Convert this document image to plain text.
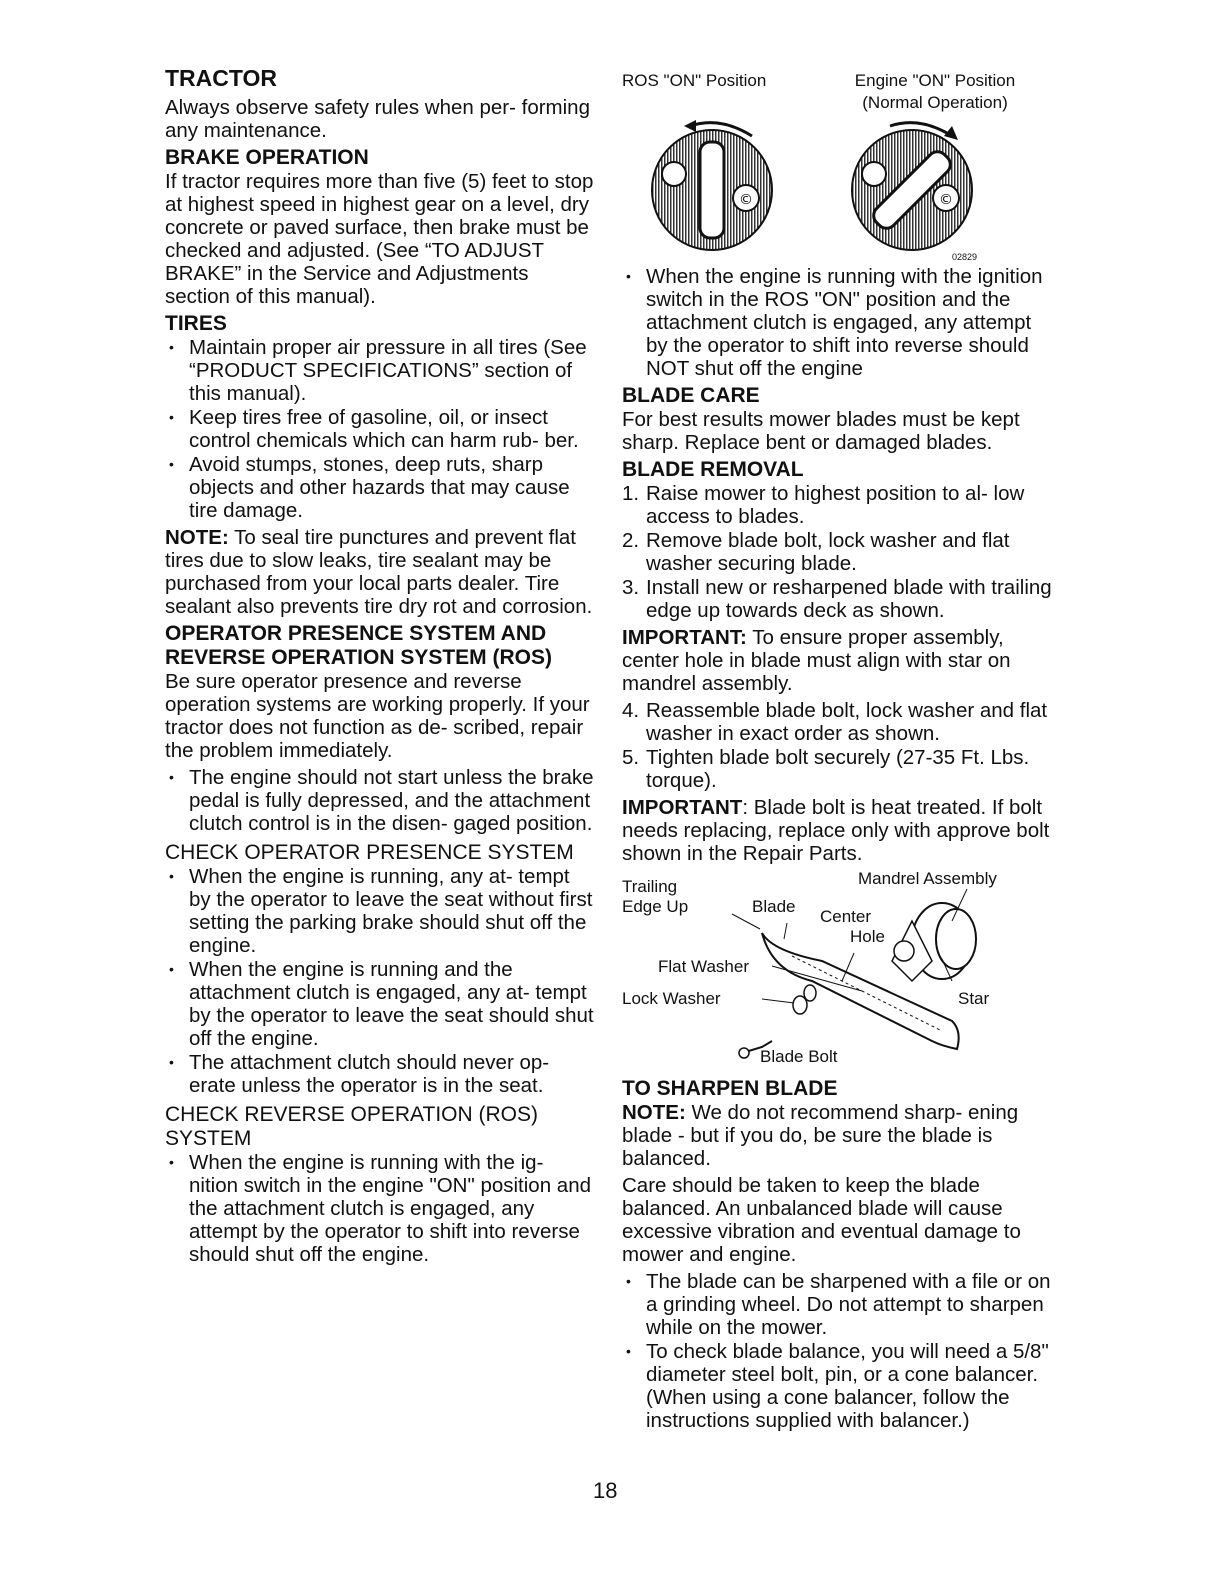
TRACTOR

Always observe safety rules when per- forming any maintenance.

BRAKE OPERATION

If tractor requires more than five (5) feet to stop at highest speed in highest gear on a level, dry concrete or paved surface, then brake must be checked and adjusted. (See “TO ADJUST BRAKE” in the Service and Adjustments section of this manual).

TIRES
• Maintain proper air pressure in all tires (See “PRODUCT SPECIFICATIONS” section of this manual).
• Keep tires free of gasoline, oil, or insect control chemicals which can harm rub- ber.
• Avoid stumps, stones, deep ruts, sharp objects and other hazards that may cause tire damage.

NOTE: To seal tire punctures and prevent flat tires due to slow leaks, tire sealant may be purchased from your local parts dealer. Tire sealant also prevents tire dry rot and corrosion.

OPERATOR PRESENCE SYSTEM AND REVERSE OPERATION SYSTEM (ROS)

Be sure operator presence and reverse operation systems are working properly. If your tractor does not function as de- scribed, repair the problem immediately.

• The engine should not start unless the brake pedal is fully depressed, and the attachment clutch control is in the disen- gaged position.
CHECK OPERATOR PRESENCE SYSTEM
• When the engine is running, any at- tempt by the operator to leave the seat without first setting the parking brake should shut off the engine.
• When the engine is running and the attachment clutch is engaged, any at- tempt by the operator to leave the seat should shut off the engine.
• The attachment clutch should never op- erate unless the operator is in the seat.
CHECK REVERSE OPERATION (ROS) SYSTEM
• When the engine is running with the ig- nition switch in the engine "ON" position and the attachment clutch is engaged, any attempt by the operator to shift into reverse should shut off the engine.
ROS "ON" Position	Engine "ON" Position
(Normal Operation)
©	©
02829
• When the engine is running with the ignition switch in the ROS "ON" position and the attachment clutch is engaged, any attempt by the operator to shift into reverse should NOT shut off the engine
BLADE CARE

For best results mower blades must be kept sharp. Replace bent or damaged blades.

BLADE REMOVAL
1. Raise mower to highest position to al- low access to blades.
2. Remove blade bolt, lock washer and flat washer securing blade.
3. Install new or resharpened blade with trailing edge up towards deck as shown.

IMPORTANT: To ensure proper assembly, center hole in blade must align with star on mandrel assembly.

4. Reassemble blade bolt, lock washer and flat washer in exact order as shown.
5. Tighten blade bolt securely (27-35 Ft. Lbs. torque).

IMPORTANT: Blade bolt is heat treated. If bolt needs replacing, replace only with approve bolt shown in the Repair Parts.

Trailing
Edge Up	Blade
Mandrel Assembly
Center
Hole
Flat Washer
Lock Washer	Star
Blade Bolt
TO SHARPEN BLADE

NOTE: We do not recommend sharp- ening blade - but if you do, be sure the blade is balanced.

Care should be taken to keep the blade balanced. An unbalanced blade will cause excessive vibration and eventual damage to mower and engine.

• The blade can be sharpened with a file or on a grinding wheel. Do not attempt to sharpen while on the mower.
• To check blade balance, you will need a 5/8" diameter steel bolt, pin, or a cone balancer. (When using a cone balancer, follow the instructions supplied with balancer.)
18
